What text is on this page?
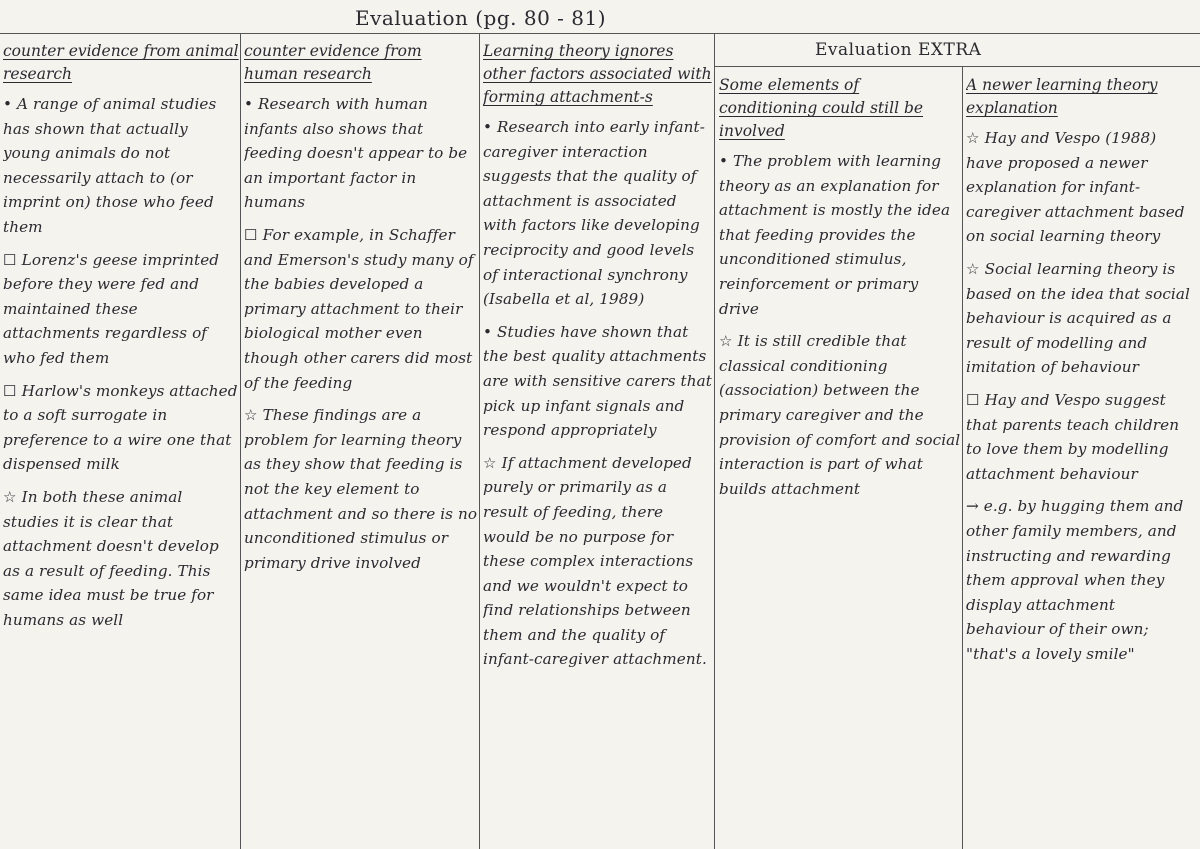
Evaluation (pg. 80 - 81)
Evaluation EXTRA
counter evidence from animal research

• A range of animal studies has shown that actually young animals do not necessarily attach to (or imprint on) those who feed them

☐ Lorenz's geese imprinted before they were fed and maintained these attachments regardless of who fed them

☐ Harlow's monkeys attached to a soft surrogate in preference to a wire one that dispensed milk

☆ In both these animal studies it is clear that attachment doesn't develop as a result of feeding. This same idea must be true for humans as well

counter evidence from human research

• Research with human infants also shows that feeding doesn't appear to be an important factor in humans

☐ For example, in Schaffer and Emerson's study many of the babies developed a primary attachment to their biological mother even though other carers did most of the feeding

☆ These findings are a problem for learning theory as they show that feeding is not the key element to attachment and so there is no unconditioned stimulus or primary drive involved

Learning theory ignores other factors associated with forming attachment-s

• Research into early infant-caregiver interaction suggests that the quality of attachment is associated with factors like developing reciprocity and good levels of interactional synchrony (Isabella et al, 1989)

• Studies have shown that the best quality attachments are with sensitive carers that pick up infant signals and respond appropriately

☆ If attachment developed purely or primarily as a result of feeding, there would be no purpose for these complex interactions and we wouldn't expect to find relationships between them and the quality of infant-caregiver attachment.

Some elements of conditioning could still be involved

• The problem with learning theory as an explanation for attachment is mostly the idea that feeding provides the unconditioned stimulus, reinforcement or primary drive

☆ It is still credible that classical conditioning (association) between the primary caregiver and the provision of comfort and social interaction is part of what builds attachment

A newer learning theory explanation

☆ Hay and Vespo (1988) have proposed a newer explanation for infant-caregiver attachment based on social learning theory

☆ Social learning theory is based on the idea that social behaviour is acquired as a result of modelling and imitation of behaviour

☐ Hay and Vespo suggest that parents teach children to love them by modelling attachment behaviour

→ e.g. by hugging them and other family members, and instructing and rewarding them approval when they display attachment behaviour of their own; "that's a lovely smile"
